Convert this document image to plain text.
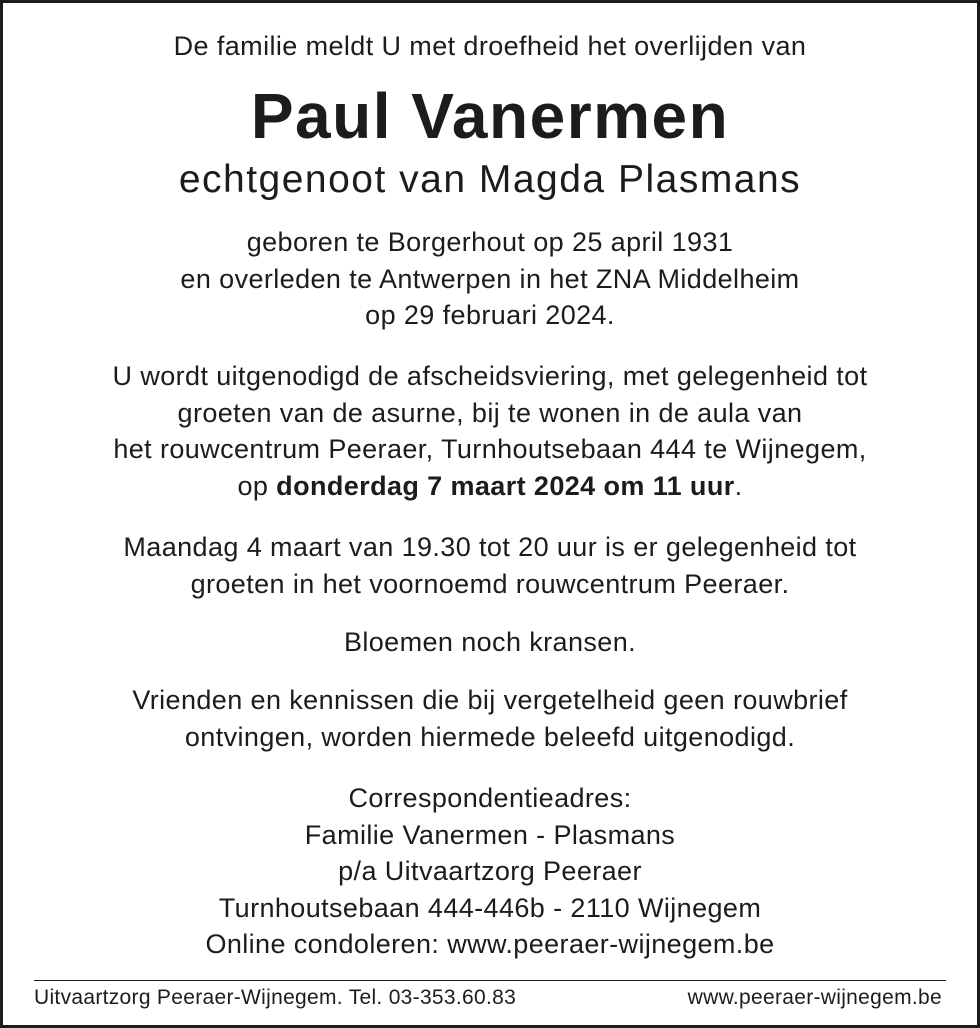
De familie meldt U met droefheid het overlijden van
Paul Vanermen
echtgenoot van Magda Plasmans
geboren te Borgerhout op 25 april 1931
en overleden te Antwerpen in het ZNA Middelheim
op 29 februari 2024.
U wordt uitgenodigd de afscheidsviering, met gelegenheid tot
groeten van de asurne, bij te wonen in de aula van
het rouwcentrum Peeraer, Turnhoutsebaan 444 te Wijnegem,
op donderdag 7 maart 2024 om 11 uur.
Maandag 4 maart van 19.30 tot 20 uur is er gelegenheid tot
groeten in het voornoemd rouwcentrum Peeraer.
Bloemen noch kransen.
Vrienden en kennissen die bij vergetelheid geen rouwbrief
ontvingen, worden hiermede beleefd uitgenodigd.
Correspondentieadres:
Familie Vanermen - Plasmans
p/a Uitvaartzorg Peeraer
Turnhoutsebaan 444-446b - 2110 Wijnegem
Online condoleren: www.peeraer-wijnegem.be
Uitvaartzorg Peeraer-Wijnegem. Tel. 03-353.60.83	www.peeraer-wijnegem.be
